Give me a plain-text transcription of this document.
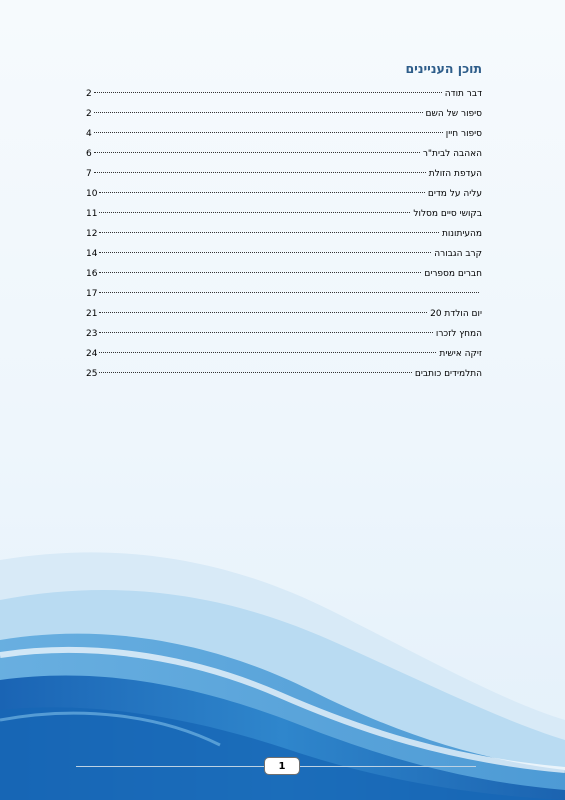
תוכן העניינים
דבר תודה
2
סיפור של השם
2
סיפור חיין
4
האהבה לבית"ר
6
העדפת הזולת
7
עליה על מדים
10
בקושי סיים מסלול
11
מהעיתונות
12
קרב הגבורה
14
חברים מספרים
16
17
יום הולדת 20
21
המחץ לזכרו
23
זיקה אישית
24
התלמידים כותבים
25
1
